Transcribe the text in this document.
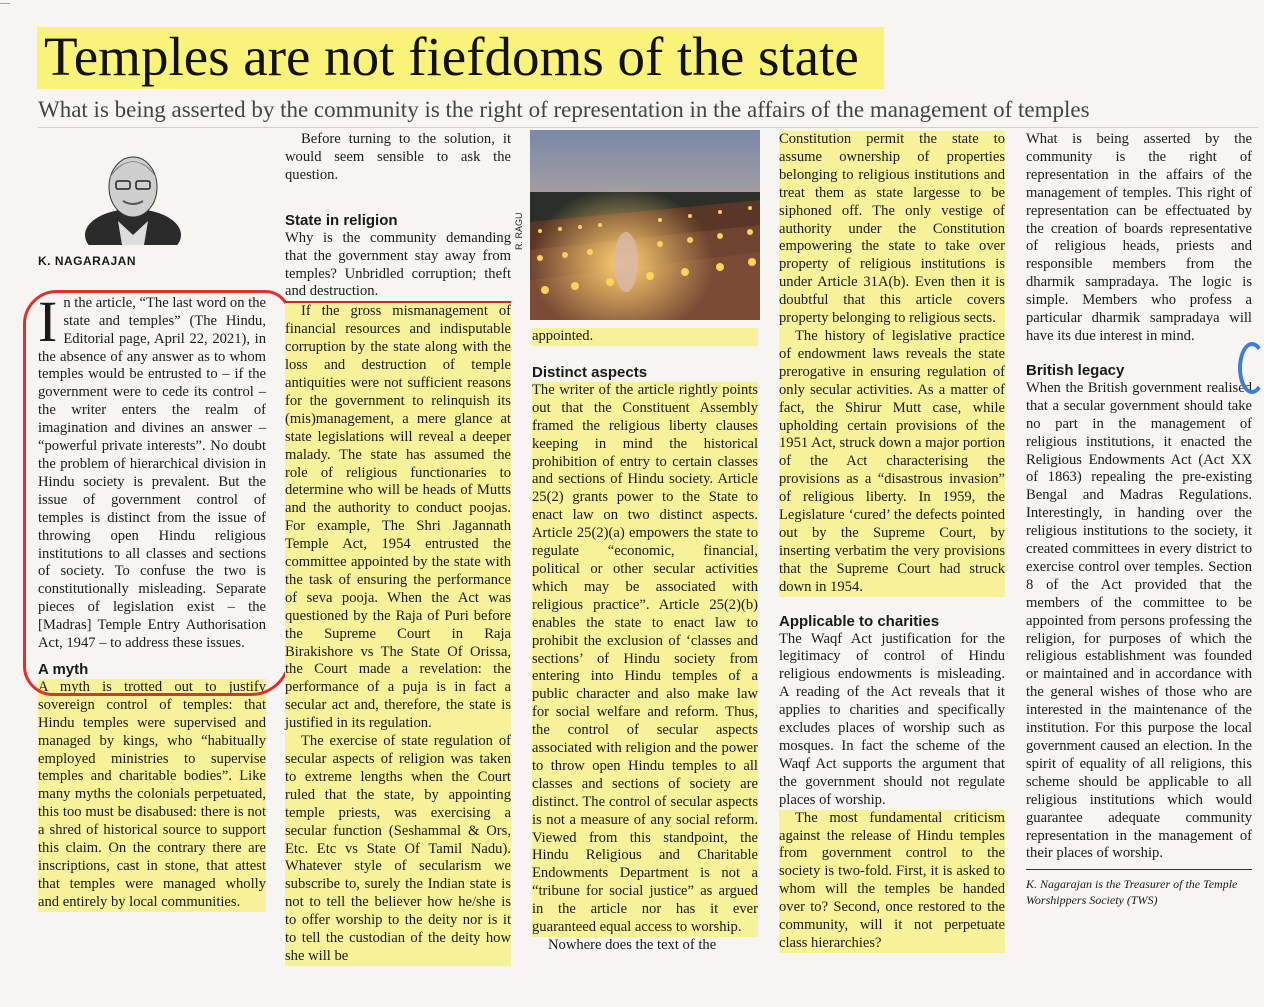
—
Temples are not fiefdoms of the state
What is being asserted by the community is the right of representation in the affairs of the management of temples
K. NAGARAJAN

In the article, “The last word on the state and temples” (The Hindu, Editorial page, April 22, 2021), in the absence of any answer as to whom temples would be entrusted to – if the government were to cede its control – the writer enters the realm of imagination and divines an answer – “powerful private interests”. No doubt the problem of hierarchical division in Hindu society is prevalent. But the issue of government control of temples is distinct from the issue of throwing open Hindu religious institutions to all classes and sections of society. To confuse the two is constitutionally misleading. Separate pieces of legislation exist – the [Madras] Temple Entry Authorisation Act, 1947 – to address these issues.

A myth

A myth is trotted out to justify sovereign control of temples: that Hindu temples were supervised and managed by kings, who “habitually employed ministries to supervise temples and charitable bodies”. Like many myths the colonials perpetuated, this too must be disabused: there is not a shred of historical source to support this claim. On the contrary there are inscriptions, cast in stone, that attest that temples were managed wholly and entirely by local communities.

Before turning to the solution, it would seem sensible to ask the question.

State in religion

Why is the community demanding that the government stay away from temples? Unbridled corruption; theft and destruction.

If the gross mismanagement of financial resources and indisputable corruption by the state along with the loss and destruction of temple antiquities were not sufficient reasons for the government to relinquish its (mis)management, a mere glance at state legislations will reveal a deeper malady. The state has assumed the role of religious functionaries to determine who will be heads of Mutts and the authority to conduct poojas. For example, The Shri Jagannath Temple Act, 1954 entrusted the committee appointed by the state with the task of ensuring the performance of seva pooja. When the Act was questioned by the Raja of Puri before the Supreme Court in Raja Birakishore vs The State Of Orissa, the Court made a revelation: the performance of a puja is in fact a secular act and, therefore, the state is justified in its regulation.

The exercise of state regulation of secular aspects of religion was taken to extreme lengths when the Court ruled that the state, by appointing temple priests, was exercising a secular function (Seshammal & Ors, Etc. Etc vs State Of Tamil Nadu). Whatever style of secularism we subscribe to, surely the Indian state is not to tell the believer how he/she is to offer worship to the deity nor is it to tell the custodian of the deity how she will be

R. RAGU

appointed.

Distinct aspects

The writer of the article rightly points out that the Constituent Assembly framed the religious liberty clauses keeping in mind the historical prohibition of entry to certain classes and sections of Hindu society. Article 25(2) grants power to the State to enact law on two distinct aspects. Article 25(2)(a) empowers the state to regulate “economic, financial, political or other secular activities which may be associated with religious practice”. Article 25(2)(b) enables the state to enact law to prohibit the exclusion of ‘classes and sections’ of Hindu society from entering into Hindu temples of a public character and also make law for social welfare and reform. Thus, the control of secular aspects associated with religion and the power to throw open Hindu temples to all classes and sections of society are distinct. The control of secular aspects is not a measure of any social reform. Viewed from this standpoint, the Hindu Religious and Charitable Endowments Department is not a “tribune for social justice” as argued in the article nor has it ever guaranteed equal access to worship.

Nowhere does the text of the

Constitution permit the state to assume ownership of properties belonging to religious institutions and treat them as state largesse to be siphoned off. The only vestige of authority under the Constitution empowering the state to take over property of religious institutions is under Article 31A(b). Even then it is doubtful that this article covers property belonging to religious sects.

The history of legislative practice of endowment laws reveals the state prerogative in ensuring regulation of only secular activities. As a matter of fact, the Shirur Mutt case, while upholding certain provisions of the 1951 Act, struck down a major portion of the Act characterising the provisions as a “disastrous invasion” of religious liberty. In 1959, the Legislature ‘cured’ the defects pointed out by the Supreme Court, by inserting verbatim the very provisions that the Supreme Court had struck down in 1954.

Applicable to charities

The Waqf Act justification for the legitimacy of control of Hindu religious endowments is misleading. A reading of the Act reveals that it applies to charities and specifically excludes places of worship such as mosques. In fact the scheme of the Waqf Act supports the argument that the government should not regulate places of worship.

The most fundamental criticism against the release of Hindu temples from government control to the society is two-fold. First, it is asked to whom will the temples be handed over to? Second, once restored to the community, will it not perpetuate class hierarchies?

What is being asserted by the community is the right of representation in the affairs of the management of temples. This right of representation can be effectuated by the creation of boards representative of religious heads, priests and responsible members from the dharmik sampradaya. The logic is simple. Members who profess a particular dharmik sampradaya will have its due interest in mind.

British legacy

When the British government realised that a secular government should take no part in the management of religious institutions, it enacted the Religious Endowments Act (Act XX of 1863) repealing the pre-existing Bengal and Madras Regulations. Interestingly, in handing over the religious institutions to the society, it created committees in every district to exercise control over temples. Section 8 of the Act provided that the members of the committee to be appointed from persons professing the religion, for purposes of which the religious establishment was founded or maintained and in accordance with the general wishes of those who are interested in the maintenance of the institution. For this purpose the local government caused an election. In the spirit of equality of all religions, this scheme should be applicable to all religious institutions which would guarantee adequate community representation in the management of their places of worship.

K. Nagarajan is the Treasurer of the Temple Worshippers Society (TWS)
